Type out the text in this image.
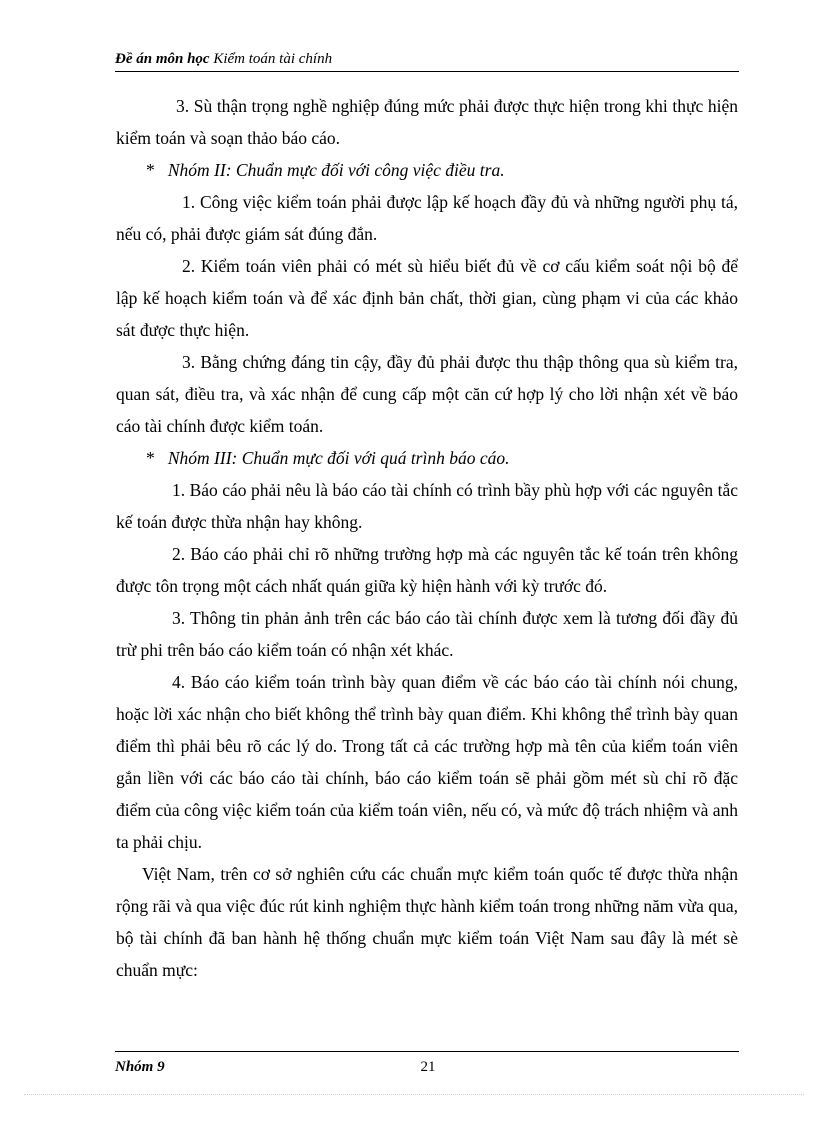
Đề án môn học Kiểm toán tài chính

3. Sù thận trọng nghề nghiệp đúng mức phải được thực hiện trong khi thực hiện kiểm toán và soạn thảo báo cáo.

* Nhóm II: Chuẩn mực đối với công việc điều tra.

1. Công việc kiểm toán phải được lập kế hoạch đầy đủ và những người phụ tá, nếu có, phải được giám sát đúng đắn.

2. Kiểm toán viên phải có mét sù hiểu biết đủ về cơ cấu kiểm soát nội bộ để lập kế hoạch kiểm toán và để xác định bản chất, thời gian, cùng phạm vi của các khảo sát được thực hiện.

3. Bằng chứng đáng tin cậy, đầy đủ phải được thu thập thông qua sù kiểm tra, quan sát, điều tra, và xác nhận để cung cấp một căn cứ hợp lý cho lời nhận xét về báo cáo tài chính được kiểm toán.

* Nhóm III: Chuẩn mực đối với quá trình báo cáo.

1. Báo cáo phải nêu là báo cáo tài chính có trình bầy phù hợp với các nguyên tắc kế toán được thừa nhận hay không.

2. Báo cáo phải chỉ rõ những trường hợp mà các nguyên tắc kế toán trên không được tôn trọng một cách nhất quán giữa kỳ hiện hành với kỳ trước đó.

3. Thông tin phản ảnh trên các báo cáo tài chính được xem là tương đối đầy đủ trừ phi trên báo cáo kiểm toán có nhận xét khác.

4. Báo cáo kiểm toán trình bày quan điểm về các báo cáo tài chính nói chung, hoặc lời xác nhận cho biết không thể trình bày quan điểm. Khi không thể trình bày quan điểm thì phải bêu rõ các lý do. Trong tất cả các trường hợp mà tên của kiểm toán viên gắn liền với các báo cáo tài chính, báo cáo kiểm toán sẽ phải gồm mét sù chỉ rõ đặc điểm của công việc kiểm toán của kiểm toán viên, nếu có, và mức độ trách nhiệm và anh ta phải chịu.

Việt Nam, trên cơ sở nghiên cứu các chuẩn mực kiểm toán quốc tế được thừa nhận rộng rãi và qua việc đúc rút kinh nghiệm thực hành kiểm toán trong những năm vừa qua, bộ tài chính đã ban hành hệ thống chuẩn mực kiểm toán Việt Nam sau đây là mét sè chuẩn mực:

Nhóm 9	21
